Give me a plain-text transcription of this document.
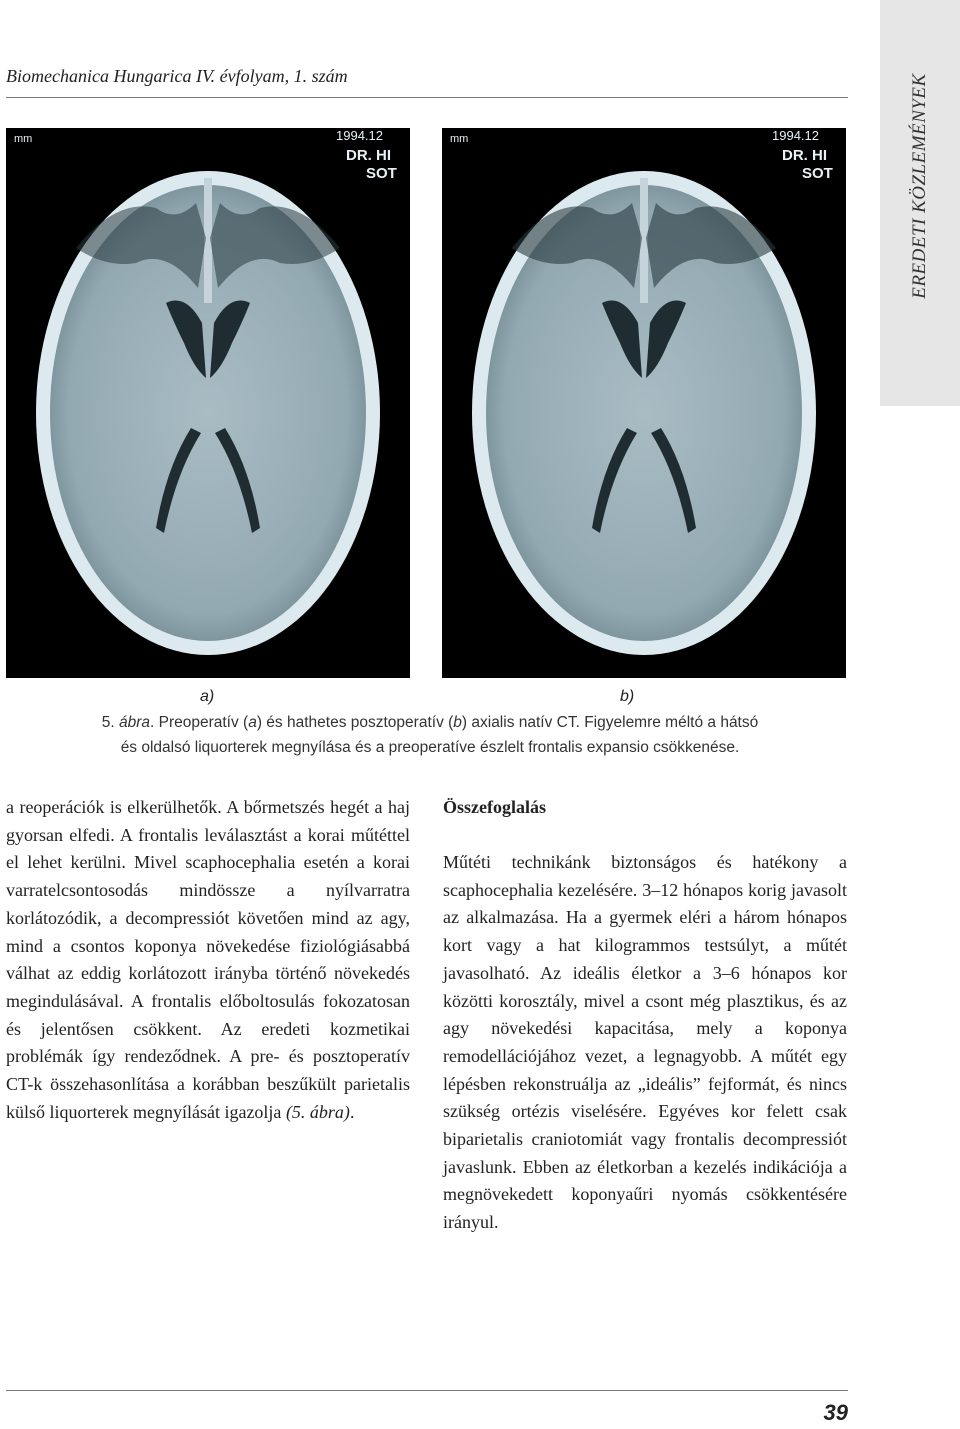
Biomechanica Hungarica IV. évfolyam, 1. szám	EREDETI KÖZLEMÉNYEK
mm	1994.12
DR. HI
SOT
mm	1994.12
DR. HI
SOT
a)	b)
5. ábra. Preoperatív (a) és hathetes posztoperatív (b) axialis natív CT. Figyelemre méltó a hátsó
és oldalsó liquorterek megnyílása és a preoperatíve észlelt frontalis expansio csökkenése.

a reoperációk is elkerülhetők. A bőrmetszés hegét a haj gyorsan elfedi. A frontalis leválasztást a korai műtéttel el lehet kerülni. Mivel scaphocephalia esetén a korai varratelcsontosodás mindössze a nyílvarratra korlátozódik, a decompressiót követően mind az agy, mind a csontos koponya növekedése fiziológiásabbá válhat az eddig korlátozott irányba történő növekedés megindulásával. A frontalis előboltosulás fokozatosan és jelentősen csökkent. Az eredeti kozmetikai problémák így rendeződnek. A pre- és posztoperatív CT-k összehasonlítása a korábban beszűkült parietalis külső liquorterek megnyílását igazolja (5. ábra).

Összefoglalás

Műtéti technikánk biztonságos és hatékony a scaphocephalia kezelésére. 3–12 hónapos korig javasolt az alkalmazása. Ha a gyermek eléri a három hónapos kort vagy a hat kilogrammos testsúlyt, a műtét javasolható. Az ideális életkor a 3–6 hónapos kor közötti korosztály, mivel a csont még plasztikus, és az agy növekedési kapacitása, mely a koponya remodellációjához vezet, a legnagyobb. A műtét egy lépésben rekonstruálja az „ideális” fejformát, és nincs szükség ortézis viselésére. Egyéves kor felett csak biparietalis craniotomiát vagy frontalis decompressiót javaslunk. Ebben az életkorban a kezelés indikációja a megnövekedett koponyaűri nyomás csökkentésére irányul.

39
